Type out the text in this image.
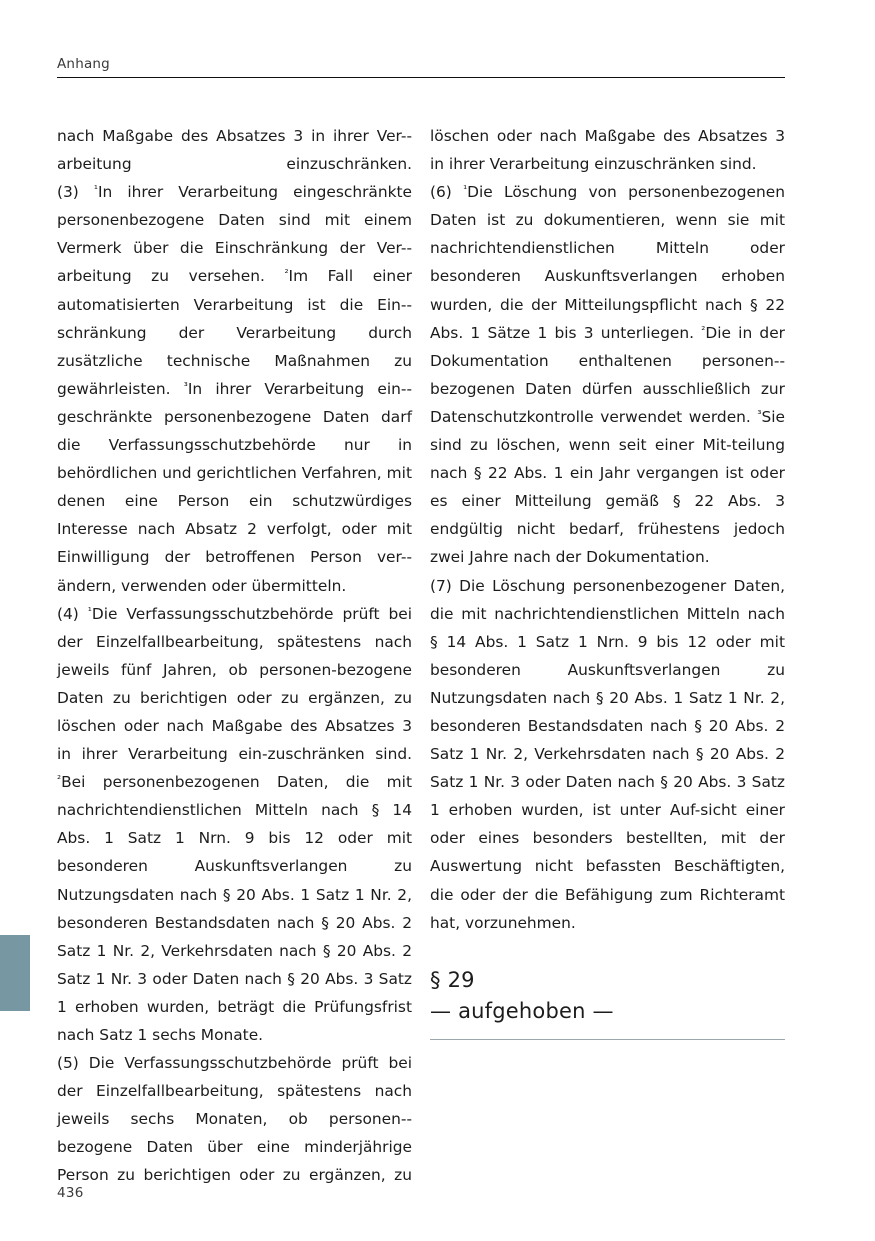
Anhang

nach Maßgabe des Absatzes 3 in ihrer Ver-arbeitung einzuschränken.

(3) $^{^1}$In ihrer Verarbeitung eingeschränkte personenbezogene Daten sind mit einem Vermerk über die Einschränkung der Ver-arbeitung zu versehen. $^{^2}$Im Fall einer automatisierten Verarbeitung ist die Ein-schränkung der Verarbeitung durch zusätzliche technische Maßnahmen zu gewährleisten. $^{^3}$In ihrer Verarbeitung ein-geschränkte personenbezogene Daten darf die Verfassungsschutzbehörde nur in behördlichen und gerichtlichen Verfahren, mit denen eine Person ein schutzwürdiges Interesse nach Absatz 2 verfolgt, oder mit Einwilligung der betroffenen Person ver-ändern, verwenden oder übermitteln.

(4) $^{^1}$Die Verfassungsschutzbehörde prüft bei der Einzelfallbearbeitung, spätestens nach jeweils fünf Jahren, ob personen-bezogene Daten zu berichtigen oder zu ergänzen, zu löschen oder nach Maßgabe des Absatzes 3 in ihrer Verarbeitung ein-zuschränken sind. $^{^2}$Bei personenbezogenen Daten, die mit nachrichtendienstlichen Mitteln nach § 14 Abs. 1 Satz 1 Nrn. 9 bis 12 oder mit besonderen Auskunftsverlangen zu Nutzungsdaten nach § 20 Abs. 1 Satz 1 Nr. 2, besonderen Bestandsdaten nach § 20 Abs. 2 Satz 1 Nr. 2, Verkehrsdaten nach § 20 Abs. 2 Satz 1 Nr. 3 oder Daten nach § 20 Abs. 3 Satz 1 erhoben wurden, beträgt die Prüfungsfrist nach Satz 1 sechs Monate.

(5) Die Verfassungsschutzbehörde prüft bei der Einzelfallbearbeitung, spätestens nach jeweils sechs Monaten, ob personen-bezogene Daten über eine minderjährige Person zu berichtigen oder zu ergänzen, zu

löschen oder nach Maßgabe des Absatzes 3 in ihrer Verarbeitung einzuschränken sind.

(6) $^{^1}$Die Löschung von personenbezogenen Daten ist zu dokumentieren, wenn sie mit nachrichtendienstlichen Mitteln oder besonderen Auskunftsverlangen erhoben wurden, die der Mitteilungspflicht nach § 22 Abs. 1 Sätze 1 bis 3 unterliegen. $^{^2}$Die in der Dokumentation enthaltenen personen-bezogenen Daten dürfen ausschließlich zur Datenschutzkontrolle verwendet werden. $^{^3}$Sie sind zu löschen, wenn seit einer Mit-teilung nach § 22 Abs. 1 ein Jahr vergangen ist oder es einer Mitteilung gemäß § 22 Abs. 3 endgültig nicht bedarf, frühestens jedoch zwei Jahre nach der Dokumentation.

(7) Die Löschung personenbezogener Daten, die mit nachrichtendienstlichen Mitteln nach § 14 Abs. 1 Satz 1 Nrn. 9 bis 12 oder mit besonderen Auskunftsverlangen zu Nutzungsdaten nach § 20 Abs. 1 Satz 1 Nr. 2, besonderen Bestandsdaten nach § 20 Abs. 2 Satz 1 Nr. 2, Verkehrsdaten nach § 20 Abs. 2 Satz 1 Nr. 3 oder Daten nach § 20 Abs. 3 Satz 1 erhoben wurden, ist unter Auf-sicht einer oder eines besonders bestellten, mit der Auswertung nicht befassten Beschäftigten, die oder der die Befähigung zum Richteramt hat, vorzunehmen.

§ 29
— aufgehoben —
436
